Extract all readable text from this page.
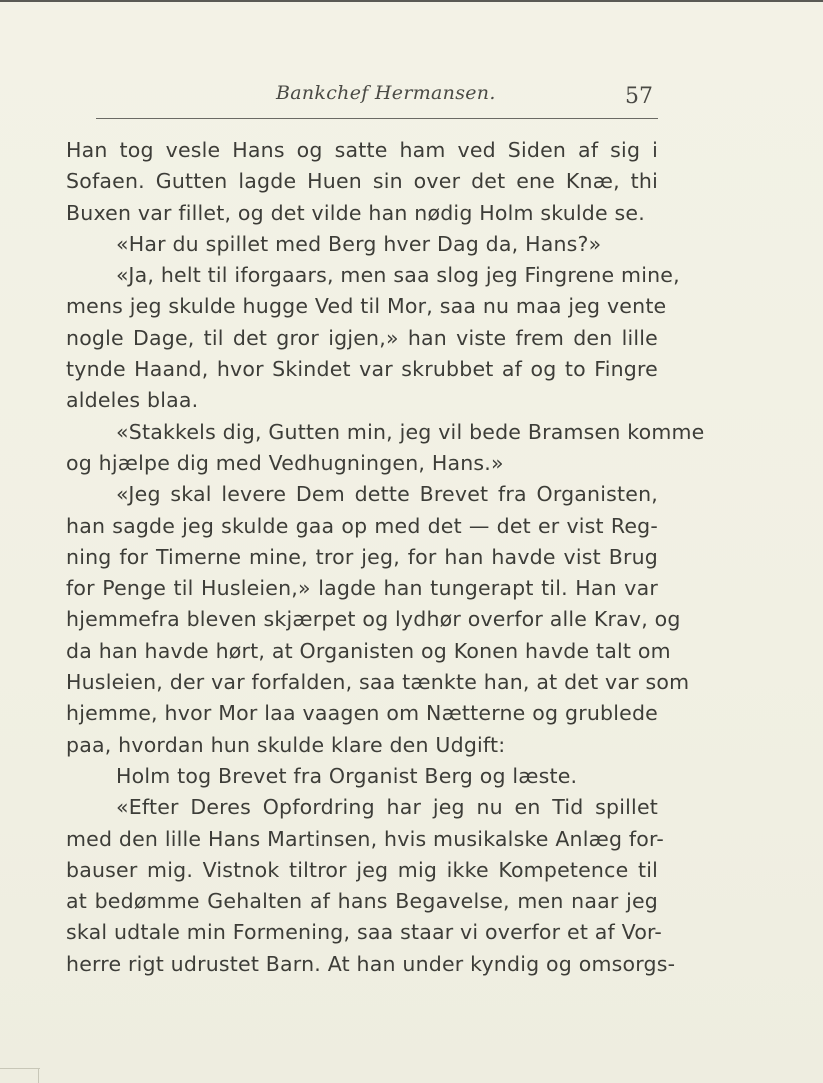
Bankchef Hermansen.	57
Han tog vesle Hans og satte ham ved Siden af sig i
Sofaen. Gutten lagde Huen sin over det ene Knæ, thi
Buxen var fillet, og det vilde han nødig Holm skulde se.
«Har du spillet med Berg hver Dag da, Hans?»
«Ja, helt til iforgaars, men saa slog jeg Fingrene mine,
mens jeg skulde hugge Ved til Mor, saa nu maa jeg vente
nogle Dage, til det gror igjen,» han viste frem den lille
tynde Haand, hvor Skindet var skrubbet af og to Fingre
aldeles blaa.
«Stakkels dig, Gutten min, jeg vil bede Bramsen komme
og hjælpe dig med Vedhugningen, Hans.»
«Jeg skal levere Dem dette Brevet fra Organisten,
han sagde jeg skulde gaa op med det — det er vist Reg-
ning for Timerne mine, tror jeg, for han havde vist Brug
for Penge til Husleien,» lagde han tungerapt til. Han var
hjemmefra bleven skjærpet og lydhør overfor alle Krav, og
da han havde hørt, at Organisten og Konen havde talt om
Husleien, der var forfalden, saa tænkte han, at det var som
hjemme, hvor Mor laa vaagen om Nætterne og grublede
paa, hvordan hun skulde klare den Udgift:
Holm tog Brevet fra Organist Berg og læste.
«Efter Deres Opfordring har jeg nu en Tid spillet
med den lille Hans Martinsen, hvis musikalske Anlæg for-
bauser mig. Vistnok tiltror jeg mig ikke Kompetence til
at bedømme Gehalten af hans Begavelse, men naar jeg
skal udtale min Formening, saa staar vi overfor et af Vor-
herre rigt udrustet Barn. At han under kyndig og omsorgs-
